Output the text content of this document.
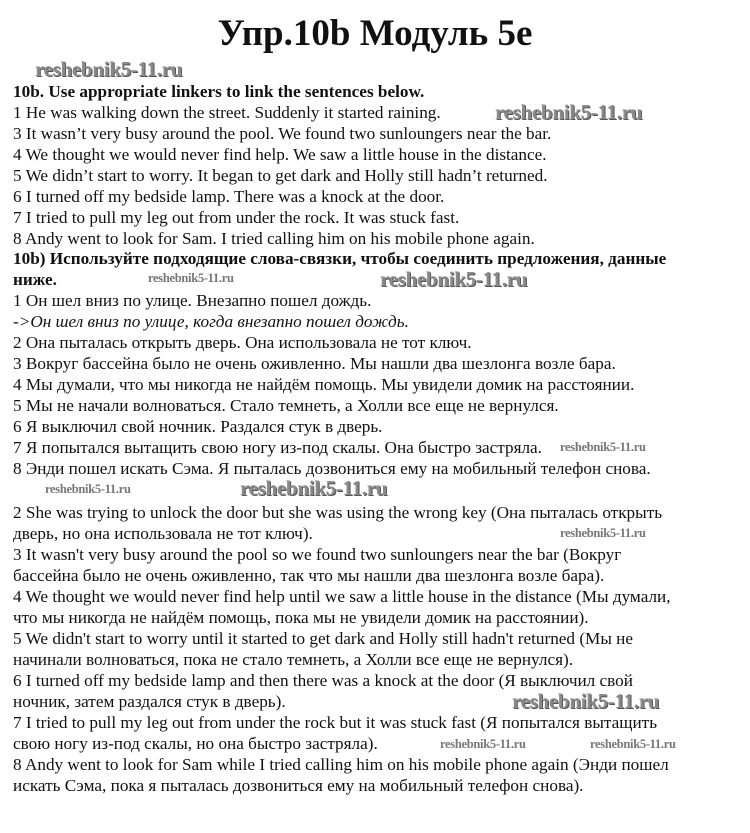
Упр.10b Модуль 5e
10b. Use appropriate linkers to link the sentences below.
1 He was walking down the street. Suddenly it started raining.
3 It wasn’t very busy around the pool. We found two sunloungers near the bar.
4 We thought we would never find help. We saw a little house in the distance.
5 We didn’t start to worry. It began to get dark and Holly still hadn’t returned.
6 I turned off my bedside lamp. There was a knock at the door.
7 I tried to pull my leg out from under the rock. It was stuck fast.
8 Andy went to look for Sam. I tried calling him on his mobile phone again.
10b) Используйте подходящие слова-связки, чтобы соединить предложения, данные
ниже.
1 Он шел вниз по улице. Внезапно пошел дождь.
->Он шел вниз по улице, когда внезапно пошел дождь.
2 Она пыталась открыть дверь. Она использовала не тот ключ.
3 Вокруг бассейна было не очень оживленно. Мы нашли два шезлонга возле бара.
4 Мы думали, что мы никогда не найдём помощь. Мы увидели домик на расстоянии.
5 Мы не начали волноваться. Стало темнеть, а Холли все еще не вернулся.
6 Я выключил свой ночник. Раздался стук в дверь.
7 Я попытался вытащить свою ногу из-под скалы. Она быстро застряла.
8 Энди пошел искать Сэма. Я пыталась дозвониться ему на мобильный телефон снова.
2 She was trying to unlock the door but she was using the wrong key (Она пыталась открыть
дверь, но она использовала не тот ключ).
3 It wasn't very busy around the pool so we found two sunloungers near the bar (Вокруг
бассейна было не очень оживленно, так что мы нашли два шезлонга возле бара).
4 We thought we would never find help until we saw a little house in the distance (Мы думали,
что мы никогда не найдём помощь, пока мы не увидели домик на расстоянии).
5 We didn't start to worry until it started to get dark and Holly still hadn't returned (Мы не
начинали волноваться, пока не стало темнеть, а Холли все еще не вернулся).
6 I turned off my bedside lamp and then there was a knock at the door (Я выключил свой
ночник, затем раздался стук в дверь).
7 I tried to pull my leg out from under the rock but it was stuck fast (Я попытался вытащить
свою ногу из-под скалы, но она быстро застряла).
8 Andy went to look for Sam while I tried calling him on his mobile phone again (Энди пошел
искать Сэма, пока я пыталась дозвониться ему на мобильный телефон снова).
reshebnik5-11.ru
reshebnik5-11.ru
reshebnik5-11.ru	reshebnik5-11.ru
reshebnik5-11.ru
reshebnik5-11.ru
reshebnik5-11.ru
reshebnik5-11.ru
reshebnik5-11.ru	reshebnik5-11.ru
reshebnik5-11.ru
